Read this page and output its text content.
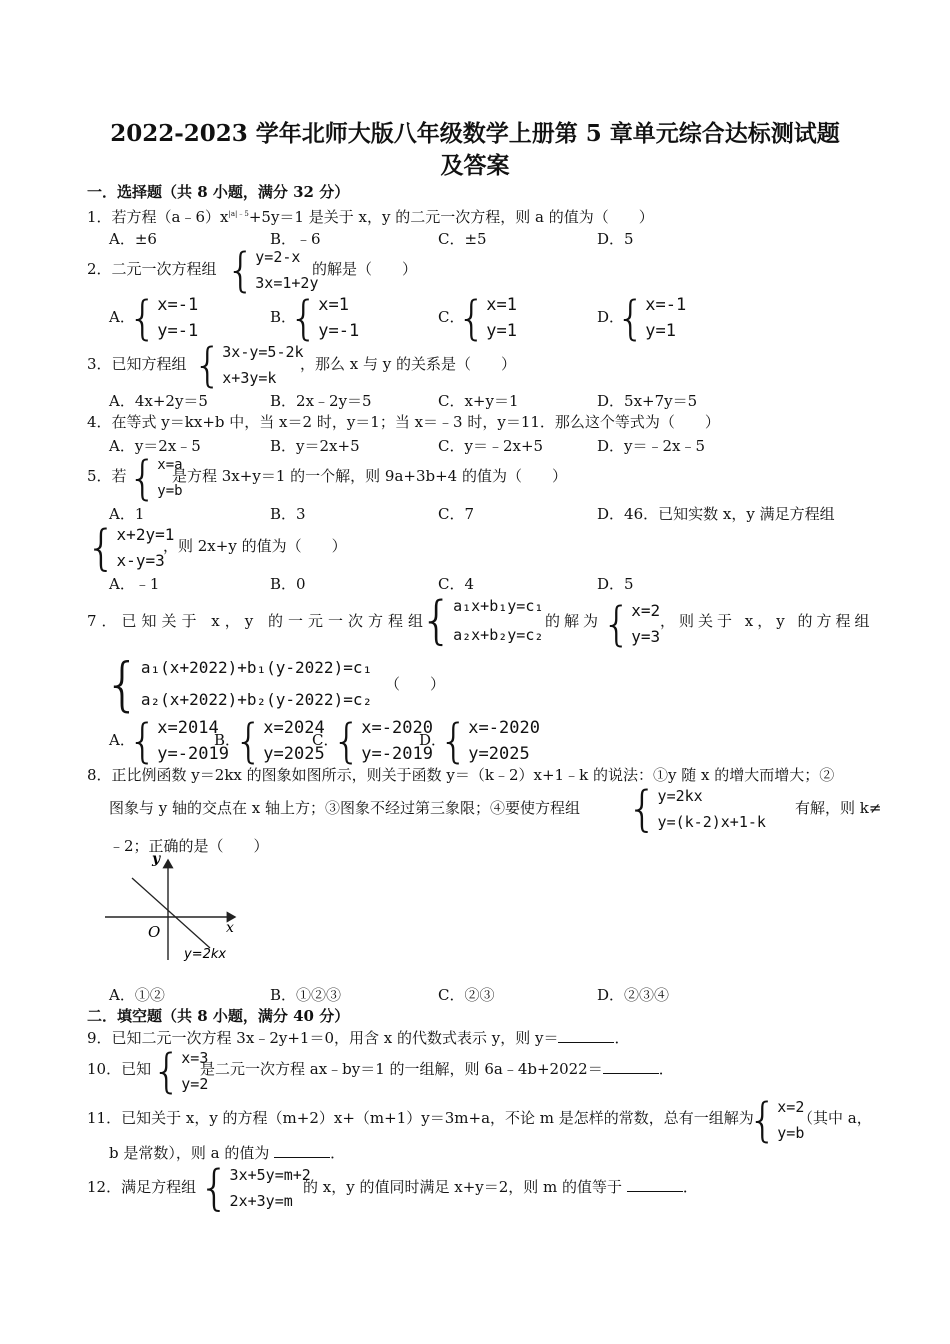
2022-2023 学年北师大版八年级数学上册第 5 章单元综合达标测试题
及答案
一．选择题（共 8 小题，满分 32 分）
1．若方程$(a﹣6)x^{|a|﹣5}+5y=1$ 是关于 x，y 的二元一次方程，则 a 的值为（　　）
A．±6	B．﹣6	C．±5	D．5
2．二元一次方程组 { y=2-x
3x=1+2y
的解是（　　）
A．
{ x=-1
y=-1
B．
{ x=1
y=-1
C．
{ x=1
y=1
D．
{ x=-1
y=1
3．已知方程组 { 3x-y=5-2k
x+3y=k
，那么 x 与 y 的关系是（　　）
A．4x+2y＝5	B．2x﹣2y＝5	C．x+y＝1	D．5x+7y＝5
4．在等式 y＝kx+b 中，当 x＝2 时，y＝1；当 x＝﹣3 时，y＝11．那么这个等式为（　　）
A．y＝2x﹣5	B．y＝2x+5	C．y＝﹣2x+5	D．y＝﹣2x﹣5
5．若 { x=a
y=b
是方程 3x+y＝1 的一个解，则 9a+3b+4 的值为（　　）
A．1	B．3	C．7	D．46．已知实数 x，y 满足方程组
{ x+2y=1
x-y=3
，则 2x+y 的值为（　　）
A．﹣1	B．0	C．4	D．5
7．已知关于 x，y 的一元一次方程组
{ a₁x+b₁y=c₁
a₂x+b₂y=c₂
的解为 { x=2
y=3
，则关于 x，y 的方程组
{ a₁(x+2022)+b₁(y-2022)=c₁
a₂(x+2022)+b₂(y-2022)=c₂
（　　）
A．
{ x=2014
y=-2019
B．
{ x=2024
y=2025
C．
{ x=-2020
y=-2019
D．
{ x=-2020
y=2025
8．正比例函数 y＝2kx 的图象如图所示，则关于函数 y＝（k﹣2）x+1﹣k 的说法：①y 随 x 的增大而增大；②
图象与 y 轴的交点在 x 轴上方；③图象不经过第三象限；④要使方程组 { y=2kx
y=(k-2)x+1-k
有解，则 k≠
﹣2；正确的是（　　）
y
x
O
y=2kx
A．①②	B．①②③	C．②③	D．②③④
二．填空题（共 8 小题，满分 40 分）
9．已知二元一次方程 3x﹣2y+1＝0，用含 x 的代数式表示 y，则 y＝	．
10．已知 { x=3
y=2
是二元一次方程 ax﹣by＝1 的一组解，则 6a﹣4b+2022＝	．
11．已知关于 x，y 的方程（m+2）x+（m+1）y＝3m+a，不论 m 是怎样的常数，总有一组解为
{ x=2
y=b
（其中 a，
b 是常数），则 a 的值为	．
12．满足方程组 { 3x+5y=m+2
2x+3y=m
的 x，y 的值同时满足 x+y＝2，则 m 的值等于	．
